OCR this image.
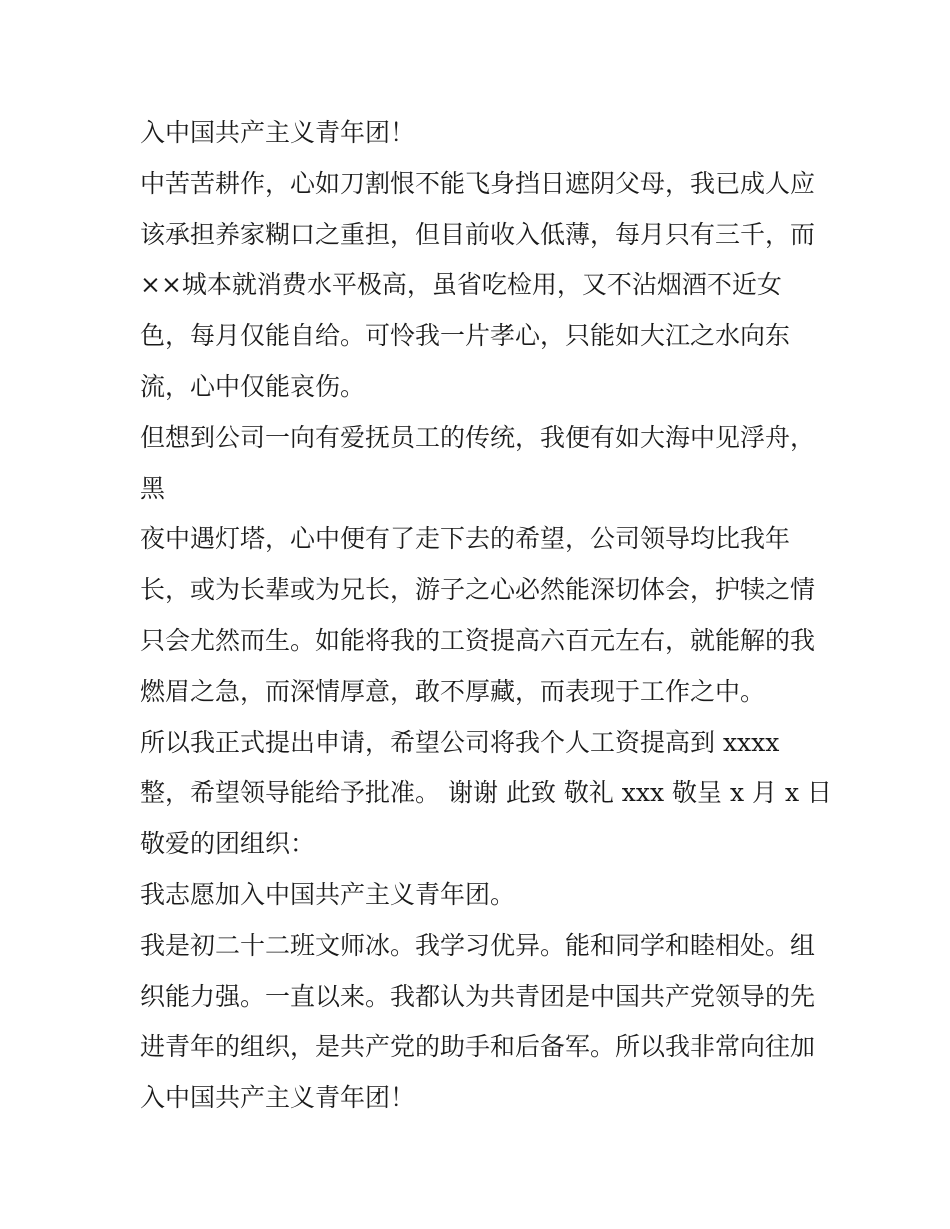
入中国共产主义青年团！
中苦苦耕作，心如刀割恨不能飞身挡日遮阴父母，我已成人应
该承担养家糊口之重担，但目前收入低薄，每月只有三千，而
××城本就消费水平极高，虽省吃检用，又不沾烟酒不近女
色，每月仅能自给。可怜我一片孝心，只能如大江之水向东
流，心中仅能哀伤。
但想到公司一向有爱抚员工的传统，我便有如大海中见浮舟，
黑
夜中遇灯塔，心中便有了走下去的希望，公司领导均比我年
长，或为长辈或为兄长，游子之心必然能深切体会，护犊之情
只会尤然而生。如能将我的工资提高六百元左右，就能解的我
燃眉之急，而深情厚意，敢不厚藏，而表现于工作之中。
所以我正式提出申请，希望公司将我个人工资提高到 xxxx
整，希望领导能给予批准。 谢谢 此致 敬礼 xxx 敬呈 x 月 x 日
敬爱的团组织：
我志愿加入中国共产主义青年团。
我是初二十二班文师冰。我学习优异。能和同学和睦相处。组
织能力强。一直以来。我都认为共青团是中国共产党领导的先
进青年的组织，是共产党的助手和后备军。所以我非常向往加
入中国共产主义青年团！
